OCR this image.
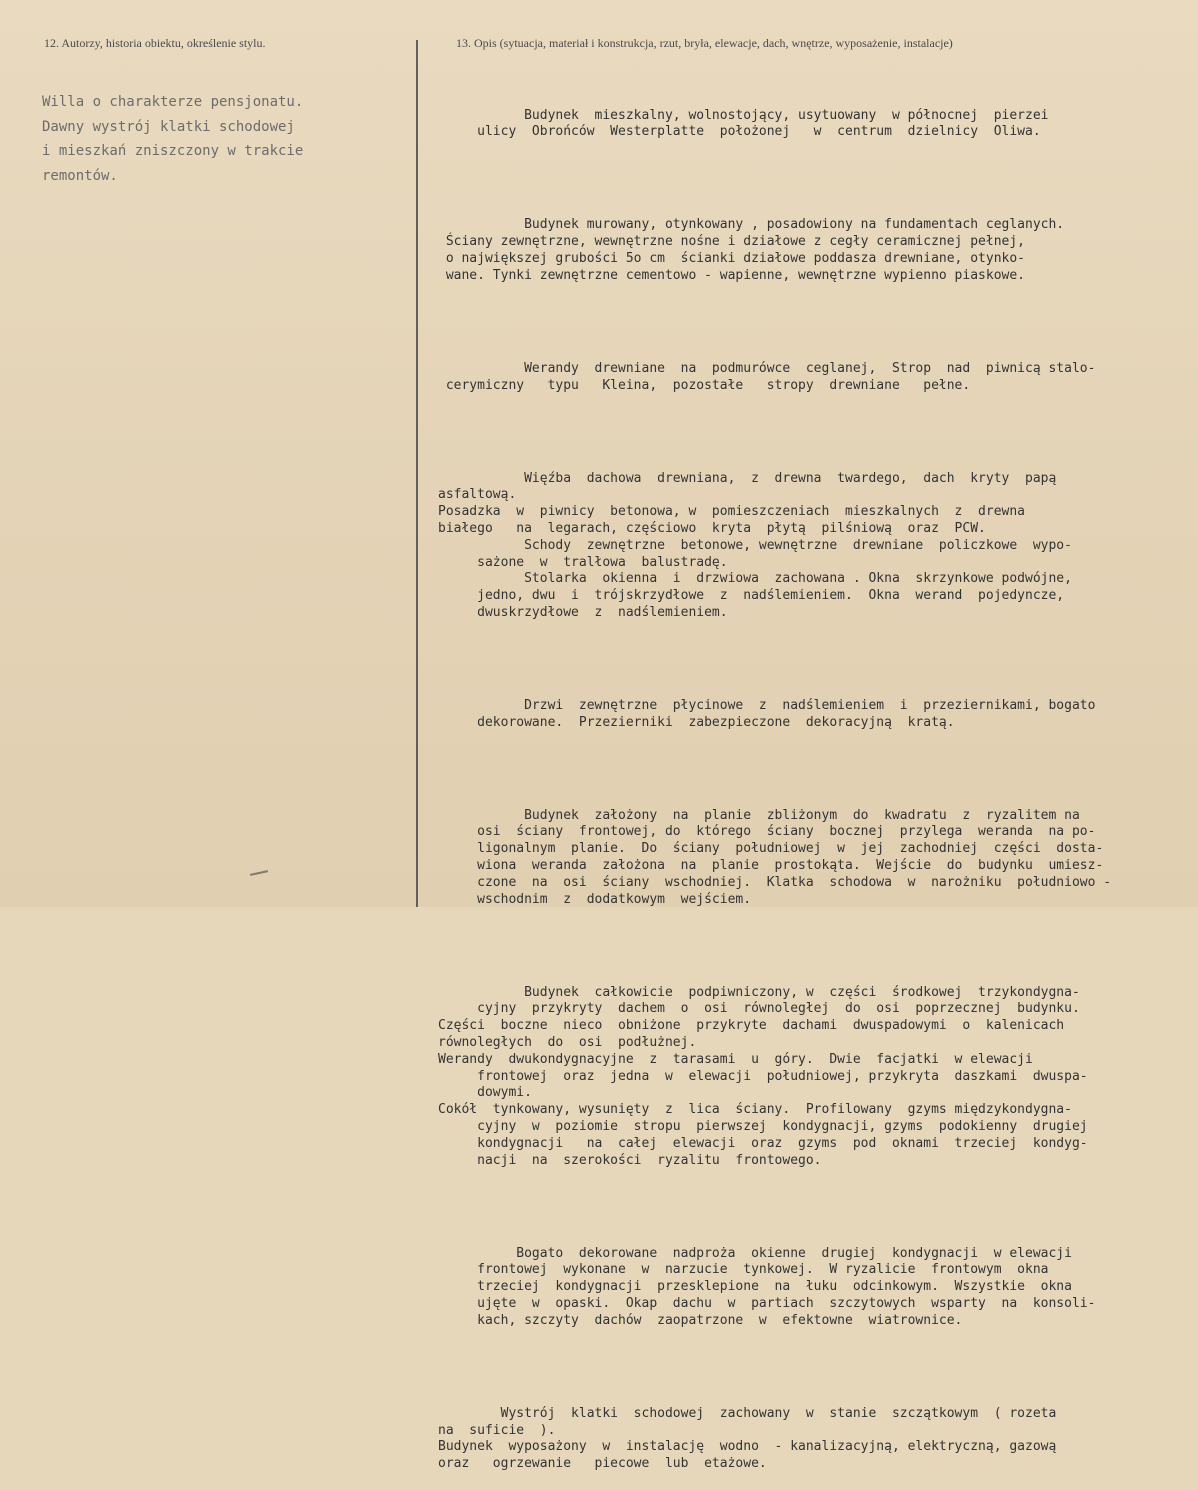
12. Autorzy, historia obiektu, określenie stylu.	13. Opis (sytuacja, materiał i konstrukcja, rzut, bryła, elewacje, dach, wnętrze, wyposażenie, instalacje)
Willa o charakterze pensjonatu.
Dawny wystrój klatki schodowej
i mieszkań zniszczony w trakcie
remontów.

Budynek  mieszkalny, wolnostojący, usytuowany  w północnej  pierzei
ulicy  Obrońców  Westerplatte  położonej   w  centrum  dzielnicy  Oliwa.

Budynek murowany, otynkowany , posadowiony na fundamentach ceglanych.
Ściany zewnętrzne, wewnętrzne nośne i działowe z cegły ceramicznej pełnej,
o największej grubości 5o cm  ścianki działowe poddasza drewniane, otynko-
wane. Tynki zewnętrzne cementowo - wapienne, wewnętrzne wypienno piaskowe.

Werandy  drewniane  na  podmurówce  ceglanej,  Strop  nad  piwnicą stalo-
cerymiczny   typu   Kleina,  pozostałe   stropy  drewniane   pełne.

Więźba  dachowa  drewniana,  z  drewna  twardego,  dach  kryty  papą
asfaltową.
Posadzka  w  piwnicy  betonowa, w  pomieszczeniach  mieszkalnych  z  drewna
białego   na  legarach, częściowo  kryta  płytą  pilśniową  oraz  PCW.
Schody  zewnętrzne  betonowe, wewnętrzne  drewniane  policzkowe  wypo-
sażone  w  tralłowa  balustradę.
Stolarka  okienna  i  drzwiowa  zachowana . Okna  skrzynkowe podwójne,
jedno, dwu  i  trójskrzydłowe  z  nadślemieniem.  Okna  werand  pojedyncze,
dwuskrzydłowe  z  nadślemieniem.

Drzwi  zewnętrzne  płycinowe  z  nadślemieniem  i  przeziernikami, bogato
dekorowane.  Przezierniki  zabezpieczone  dekoracyjną  kratą.

Budynek  założony  na  planie  zbliżonym  do  kwadratu  z  ryzalitem na
osi  ściany  frontowej, do  którego  ściany  bocznej  przylega  weranda  na po-
ligonalnym  planie.  Do  ściany  południowej  w  jej  zachodniej  części  dosta-
wiona  weranda  założona  na  planie  prostokąta.  Wejście  do  budynku  umiesz-
czone  na  osi  ściany  wschodniej.  Klatka  schodowa  w  narożniku  południowo -
wschodnim  z  dodatkowym  wejściem.

Budynek  całkowicie  podpiwniczony, w  części  środkowej  trzykondygna-
cyjny  przykryty  dachem  o  osi  równoległej  do  osi  poprzecznej  budynku.
Części  boczne  nieco  obniżone  przykryte  dachami  dwuspadowymi  o  kalenicach
równoległych  do  osi  podłużnej.
Werandy  dwukondygnacyjne  z  tarasami  u  góry.  Dwie  facjatki  w elewacji
frontowej  oraz  jedna  w  elewacji  południowej, przykryta  daszkami  dwuspa-
dowymi.
Cokół  tynkowany, wysunięty  z  lica  ściany.  Profilowany  gzyms międzykondygna-
cyjny  w  poziomie  stropu  pierwszej  kondygnacji, gzyms  podokienny  drugiej
kondygnacji   na  całej  elewacji  oraz  gzyms  pod  oknami  trzeciej  kondyg-
nacji  na  szerokości  ryzalitu  frontowego.

Bogato  dekorowane  nadproża  okienne  drugiej  kondygnacji  w elewacji
frontowej  wykonane  w  narzucie  tynkowej.  W ryzalicie  frontowym  okna
trzeciej  kondygnacji  przesklepione  na  łuku  odcinkowym.  Wszystkie  okna
ujęte  w  opaski.  Okap  dachu  w  partiach  szczytowych  wsparty  na  konsoli-
kach, szczyty  dachów  zaopatrzone  w  efektowne  wiatrownice.

Wystrój  klatki  schodowej  zachowany  w  stanie  szczątkowym  ( rozeta
na  suficie  ).
Budynek  wyposażony  w  instalację  wodno  - kanalizacyjną, elektryczną, gazową
oraz   ogrzewanie   piecowe  lub  etażowe.
